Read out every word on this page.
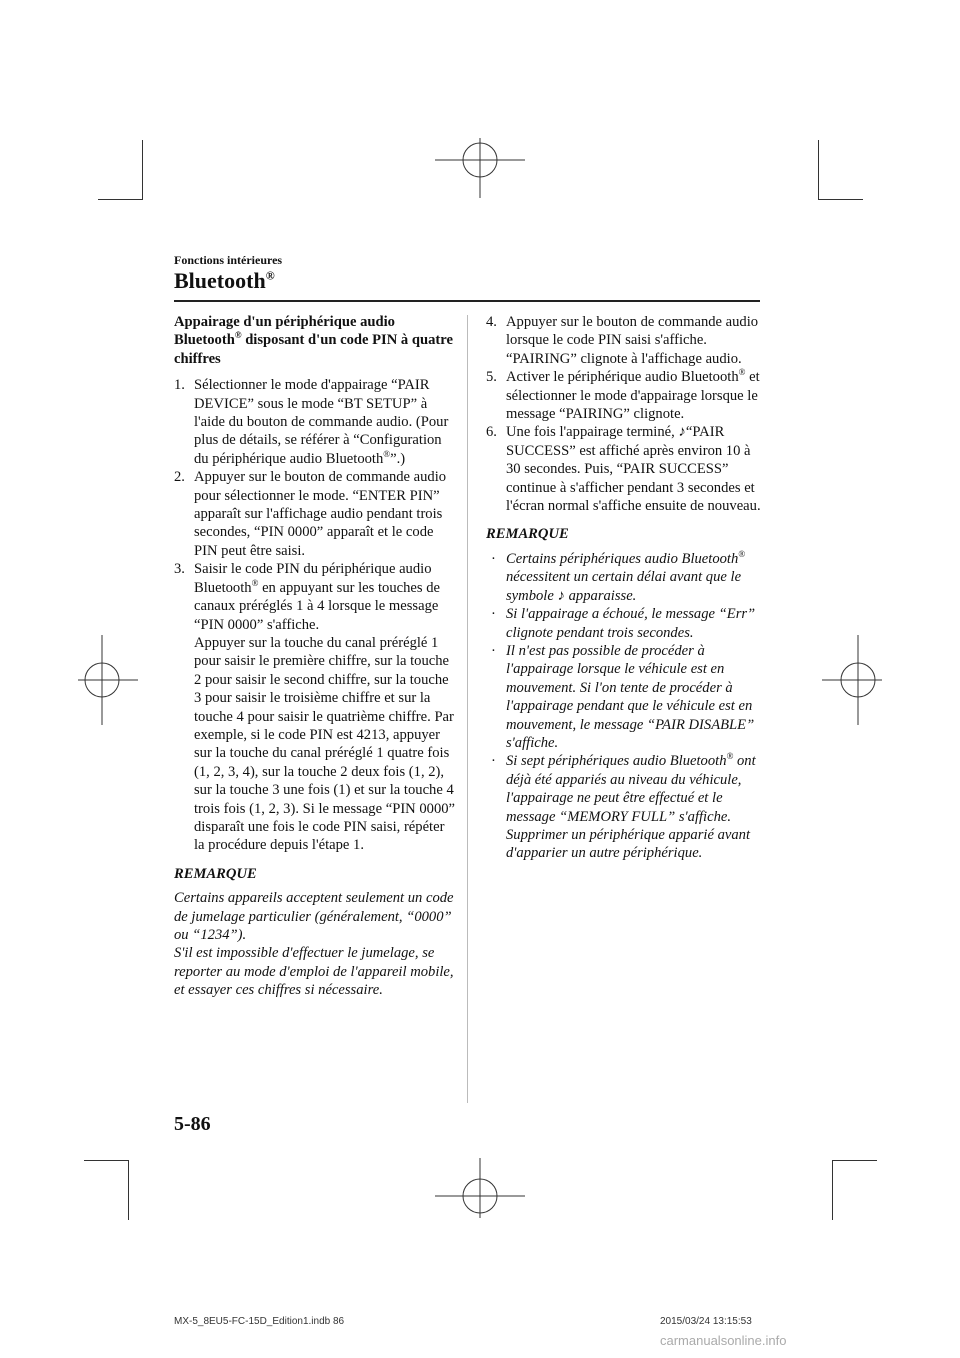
Fonctions intérieures
Bluetooth®
Appairage d'un périphérique audio Bluetooth® disposant d'un code PIN à quatre chiffres
1. Sélectionner le mode d'appairage “PAIR DEVICE” sous le mode “BT SETUP” à l'aide du bouton de commande audio. (Pour plus de détails, se référer à “Configuration du périphérique audio Bluetooth®”.)
2. Appuyer sur le bouton de commande audio pour sélectionner le mode. “ENTER PIN” apparaît sur l'affichage audio pendant trois secondes, “PIN 0000” apparaît et le code PIN peut être saisi.
3. Saisir le code PIN du périphérique audio Bluetooth® en appuyant sur les touches de canaux préréglés 1 à 4 lorsque le message “PIN 0000” s'affiche.
Appuyer sur la touche du canal préréglé 1 pour saisir le première chiffre, sur la touche 2 pour saisir le second chiffre, sur la touche 3 pour saisir le troisième chiffre et sur la touche 4 pour saisir le quatrième chiffre. Par exemple, si le code PIN est 4213, appuyer sur la touche du canal préréglé 1 quatre fois (1, 2, 3, 4), sur la touche 2 deux fois (1, 2), sur la touche 3 une fois (1) et sur la touche 4 trois fois (1, 2, 3). Si le message “PIN 0000” disparaît une fois le code PIN saisi, répéter la procédure depuis l'étape 1.
REMARQUE

Certains appareils acceptent seulement un code de jumelage particulier (généralement, “0000” ou “1234”).

S'il est impossible d'effectuer le jumelage, se reporter au mode d'emploi de l'appareil mobile, et essayer ces chiffres si nécessaire.

4. Appuyer sur le bouton de commande audio lorsque le code PIN saisi s'affiche. “PAIRING” clignote à l'affichage audio.
5. Activer le périphérique audio Bluetooth® et sélectionner le mode d'appairage lorsque le message “PAIRING” clignote.
6. Une fois l'appairage terminé, ♪“PAIR SUCCESS” est affiché après environ 10 à 30 secondes. Puis, “PAIR SUCCESS” continue à s'afficher pendant 3 secondes et l'écran normal s'affiche ensuite de nouveau.
REMARQUE
· Certains périphériques audio Bluetooth® nécessitent un certain délai avant que le symbole ♪ apparaisse.
· Si l'appairage a échoué, le message “Err” clignote pendant trois secondes.
· Il n'est pas possible de procéder à l'appairage lorsque le véhicule est en mouvement. Si l'on tente de procéder à l'appairage pendant que le véhicule est en mouvement, le message “PAIR DISABLE” s'affiche.
· Si sept périphériques audio Bluetooth® ont déjà été appariés au niveau du véhicule, l'appairage ne peut être effectué et le message “MEMORY FULL” s'affiche. Supprimer un périphérique apparié avant d'apparier un autre périphérique.
5-86
MX-5_8EU5-FC-15D_Edition1.indb 86	2015/03/24 13:15:53
carmanualsonline.info
